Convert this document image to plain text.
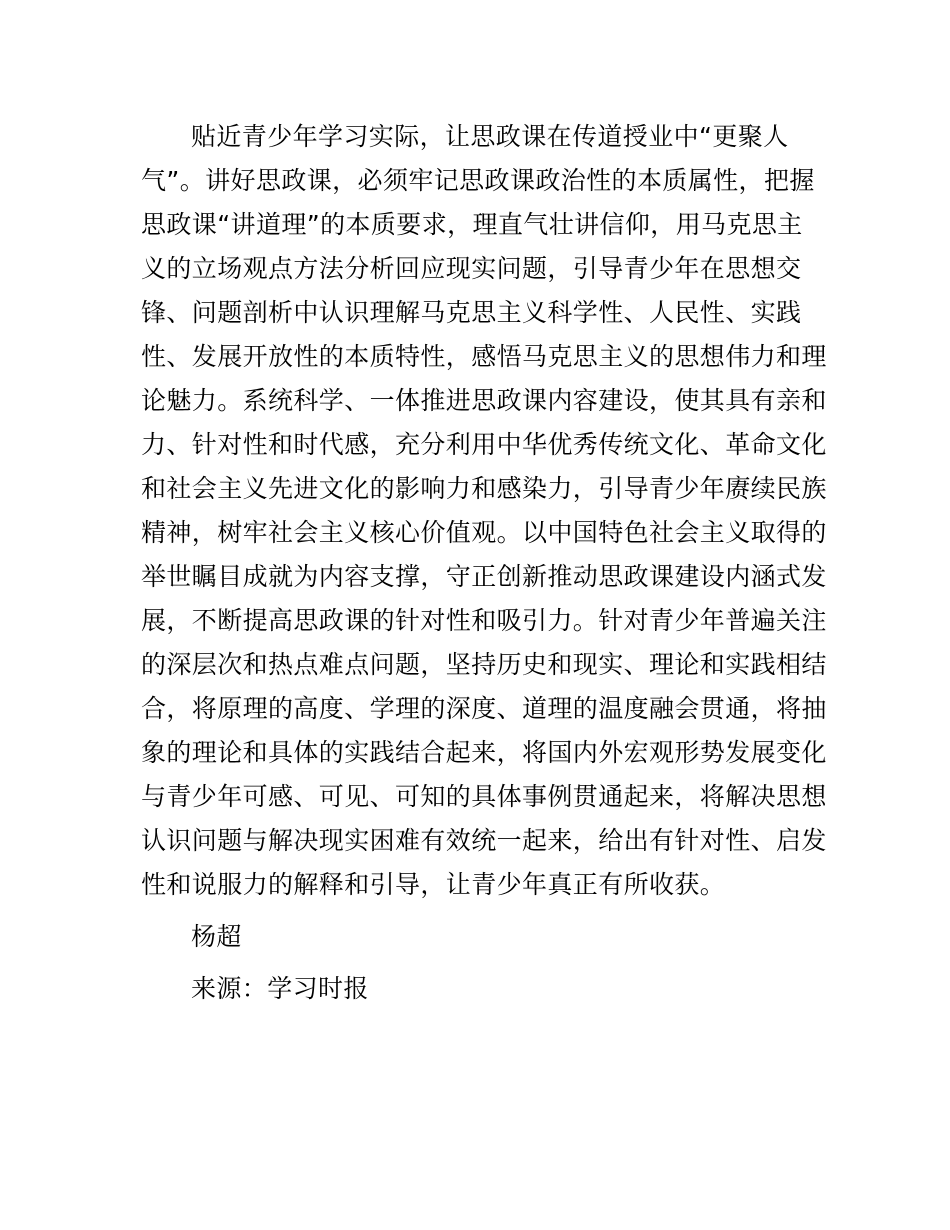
贴近青少年学习实际，让思政课在传道授业中“更聚人
气”。讲好思政课，必须牢记思政课政治性的本质属性，把握
思政课“讲道理”的本质要求，理直气壮讲信仰，用马克思主
义的立场观点方法分析回应现实问题，引导青少年在思想交
锋、问题剖析中认识理解马克思主义科学性、人民性、实践
性、发展开放性的本质特性，感悟马克思主义的思想伟力和理
论魅力。系统科学、一体推进思政课内容建设，使其具有亲和
力、针对性和时代感，充分利用中华优秀传统文化、革命文化
和社会主义先进文化的影响力和感染力，引导青少年赓续民族
精神，树牢社会主义核心价值观。以中国特色社会主义取得的
举世瞩目成就为内容支撑，守正创新推动思政课建设内涵式发
展，不断提高思政课的针对性和吸引力。针对青少年普遍关注
的深层次和热点难点问题，坚持历史和现实、理论和实践相结
合，将原理的高度、学理的深度、道理的温度融会贯通，将抽
象的理论和具体的实践结合起来，将国内外宏观形势发展变化
与青少年可感、可见、可知的具体事例贯通起来，将解决思想
认识问题与解决现实困难有效统一起来，给出有针对性、启发
性和说服力的解释和引导，让青少年真正有所收获。
杨超
来源：学习时报
